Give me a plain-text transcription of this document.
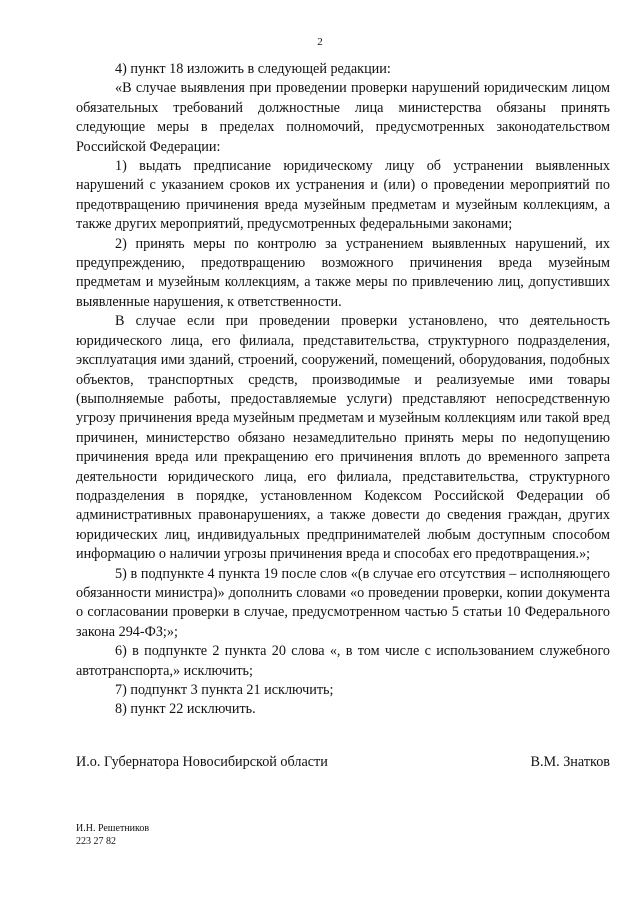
2

4) пункт 18 изложить в следующей редакции:

«В случае выявления при проведении проверки нарушений юридическим лицом обязательных требований должностные лица министерства обязаны принять следующие меры в пределах полномочий, предусмотренных законодательством Российской Федерации:

1) выдать предписание юридическому лицу об устранении выявленных нарушений с указанием сроков их устранения и (или) о проведении мероприятий по предотвращению причинения вреда музейным предметам и музейным коллекциям, а также других мероприятий, предусмотренных федеральными законами;

2) принять меры по контролю за устранением выявленных нарушений, их предупреждению, предотвращению возможного причинения вреда музейным предметам и музейным коллекциям, а также меры по привлечению лиц, допустивших выявленные нарушения, к ответственности.

В случае если при проведении проверки установлено, что деятельность юридического лица, его филиала, представительства, структурного подразделения, эксплуатация ими зданий, строений, сооружений, помещений, оборудования, подобных объектов, транспортных средств, производимые и реализуемые ими товары (выполняемые работы, предоставляемые услуги) представляют непосредственную угрозу причинения вреда музейным предметам и музейным коллекциям или такой вред причинен, министерство обязано незамедлительно принять меры по недопущению причинения вреда или прекращению его причинения вплоть до временного запрета деятельности юридического лица, его филиала, представительства, структурного подразделения в порядке, установленном Кодексом Российской Федерации об административных правонарушениях, а также довести до сведения граждан, других юридических лиц, индивидуальных предпринимателей любым доступным способом информацию о наличии угрозы причинения вреда и способах его предотвращения.»;

5) в подпункте 4 пункта 19 после слов «(в случае его отсутствия – исполняющего обязанности министра)» дополнить словами «о проведении проверки, копии документа о согласовании проверки в случае, предусмотренном частью 5 статьи 10 Федерального закона 294-ФЗ;»;

6) в подпункте 2 пункта 20 слова «, в том числе с использованием служебного автотранспорта,» исключить;

7) подпункт 3 пункта 21 исключить;

8) пункт 22 исключить.

И.о. Губернатора Новосибирской области	В.М. Знатков
И.Н. Решетников
223 27 82
